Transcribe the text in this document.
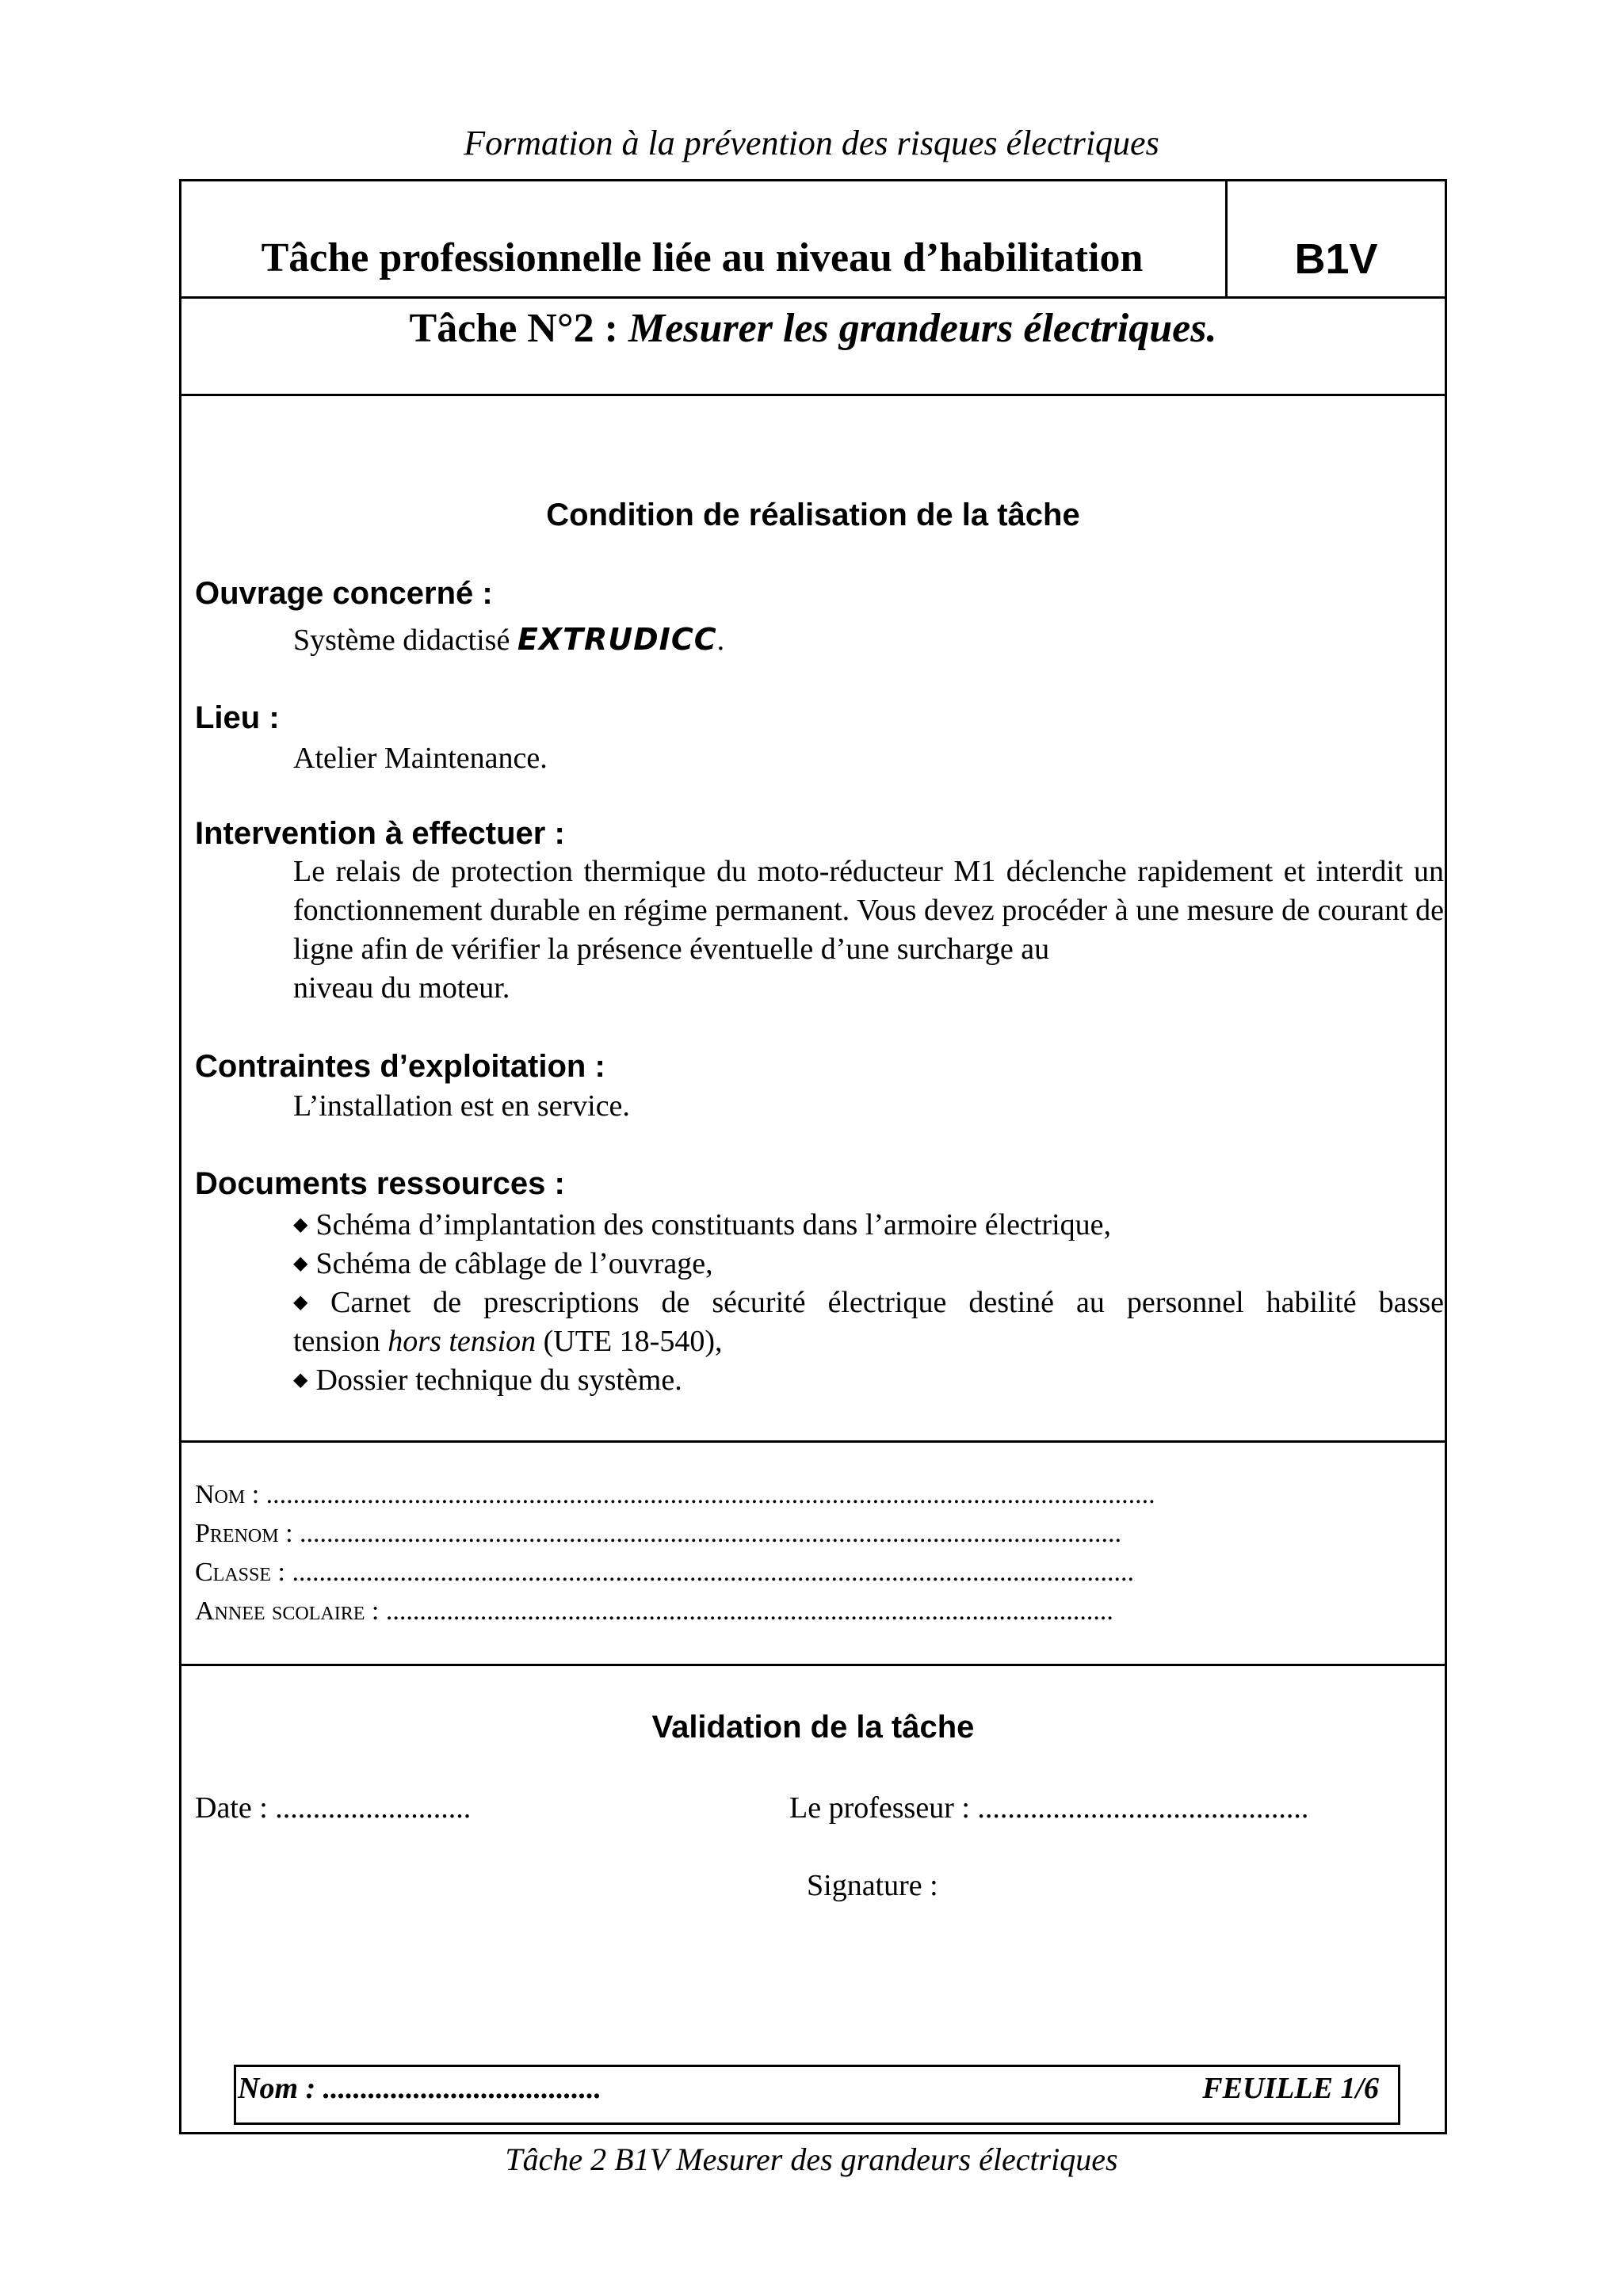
Formation à la prévention des risques électriques
Tâche professionnelle liée au niveau d’habilitation	B1V
Tâche N°2 : Mesurer les grandeurs électriques.
Condition de réalisation de la tâche
Ouvrage concerné :
Système didactisé EXTRUDICC.
Lieu :
Atelier Maintenance.
Intervention à effectuer :

Le relais de protection thermique du moto-réducteur M1 déclenche rapidement et interdit un fonctionnement durable en régime permanent. Vous devez procéder à une mesure de courant de ligne afin de vérifier la présence éventuelle d’une surcharge au

niveau du moteur.

Contraintes d’exploitation :
L’installation est en service.
Documents ressources :

◆ Schéma d’implantation des constituants dans l’armoire électrique,

◆ Schéma de câblage de l’ouvrage,

◆ Carnet de prescriptions de sécurité électrique destiné au personnel habilité basse

tension hors tension (UTE 18-540),

◆ Dossier technique du système.

Nom : ....................................................................................................................................
Prenom : ..........................................................................................................................
Classe : .............................................................................................................................
Annee scolaire : ............................................................................................................
Validation de la tâche
Date : ..........................	Le professeur : ............................................
Signature :
Nom : .....................................	FEUILLE 1/6
Tâche 2 B1V Mesurer des grandeurs électriques
